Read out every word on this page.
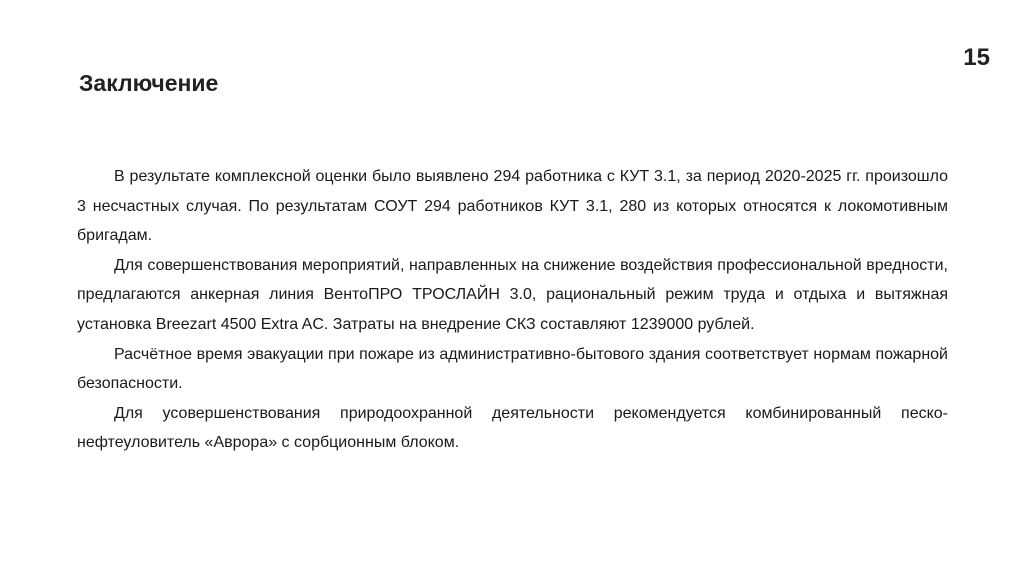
15
Заключение

В результате комплексной оценки было выявлено 294 работника с КУТ 3.1, за период 2020-2025 гг. произошло 3 несчастных случая. По результатам СОУТ 294 работников КУТ 3.1, 280 из которых относятся к локомотивным бригадам.

Для совершенствования мероприятий, направленных на снижение воздействия профессиональной вредности, предлагаются анкерная линия ВентоПРО ТРОСЛАЙН 3.0, рациональный режим труда и отдыха и вытяжная установка Breezart 4500 Extra AC. Затраты на внедрение СКЗ составляют 1239000 рублей.

Расчётное время эвакуации при пожаре из административно-бытового здания соответствует нормам пожарной безопасности.

Для усовершенствования природоохранной деятельности рекомендуется комбинированный песко-нефтеуловитель «Аврора» с сорбционным блоком.
